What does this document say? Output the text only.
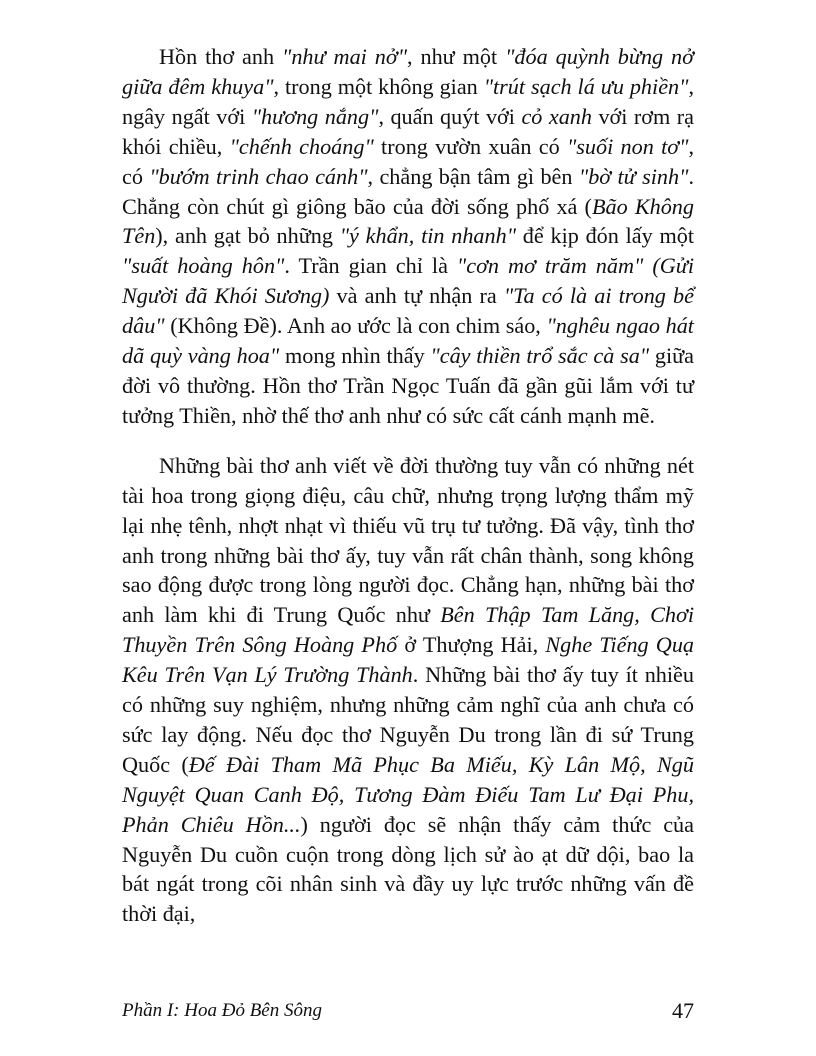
Hồn thơ anh "như mai nở", như một "đóa quỳnh bừng nở giữa đêm khuya", trong một không gian "trút sạch lá ưu phiền", ngây ngất với "hương nắng", quấn quýt với cỏ xanh với rơm rạ khói chiều, "chếnh choáng" trong vườn xuân có "suối non tơ", có "bướm trinh chao cánh", chẳng bận tâm gì bên "bờ tử sinh". Chẳng còn chút gì giông bão của đời sống phố xá (Bão Không Tên), anh gạt bỏ những "ý khẩn, tin nhanh" để kịp đón lấy một "suất hoàng hôn". Trần gian chỉ là "cơn mơ trăm năm" (Gửi Người đã Khói Sương) và anh tự nhận ra "Ta có là ai trong bể dâu" (Không Đề). Anh ao ước là con chim sáo, "nghêu ngao hát dã quỳ vàng hoa" mong nhìn thấy "cây thiền trổ sắc cà sa" giữa đời vô thường. Hồn thơ Trần Ngọc Tuấn đã gần gũi lắm với tư tưởng Thiền, nhờ thế thơ anh như có sức cất cánh mạnh mẽ.

Những bài thơ anh viết về đời thường tuy vẫn có những nét tài hoa trong giọng điệu, câu chữ, nhưng trọng lượng thẩm mỹ lại nhẹ tênh, nhợt nhạt vì thiếu vũ trụ tư tưởng. Đã vậy, tình thơ anh trong những bài thơ ấy, tuy vẫn rất chân thành, song không sao động được trong lòng người đọc. Chẳng hạn, những bài thơ anh làm khi đi Trung Quốc như Bên Thập Tam Lăng, Chơi Thuyền Trên Sông Hoàng Phố ở Thượng Hải, Nghe Tiếng Quạ Kêu Trên Vạn Lý Trường Thành. Những bài thơ ấy tuy ít nhiều có những suy nghiệm, nhưng những cảm nghĩ của anh chưa có sức lay động. Nếu đọc thơ Nguyễn Du trong lần đi sứ Trung Quốc (Đế Đài Tham Mã Phục Ba Miếu, Kỳ Lân Mộ, Ngũ Nguyệt Quan Canh Độ, Tương Đàm Điếu Tam Lư Đại Phu, Phản Chiêu Hồn...) người đọc sẽ nhận thấy cảm thức của Nguyễn Du cuồn cuộn trong dòng lịch sử ào ạt dữ dội, bao la bát ngát trong cõi nhân sinh và đầy uy lực trước những vấn đề thời đại,

Phần I: Hoa Đỏ Bên Sông	47
